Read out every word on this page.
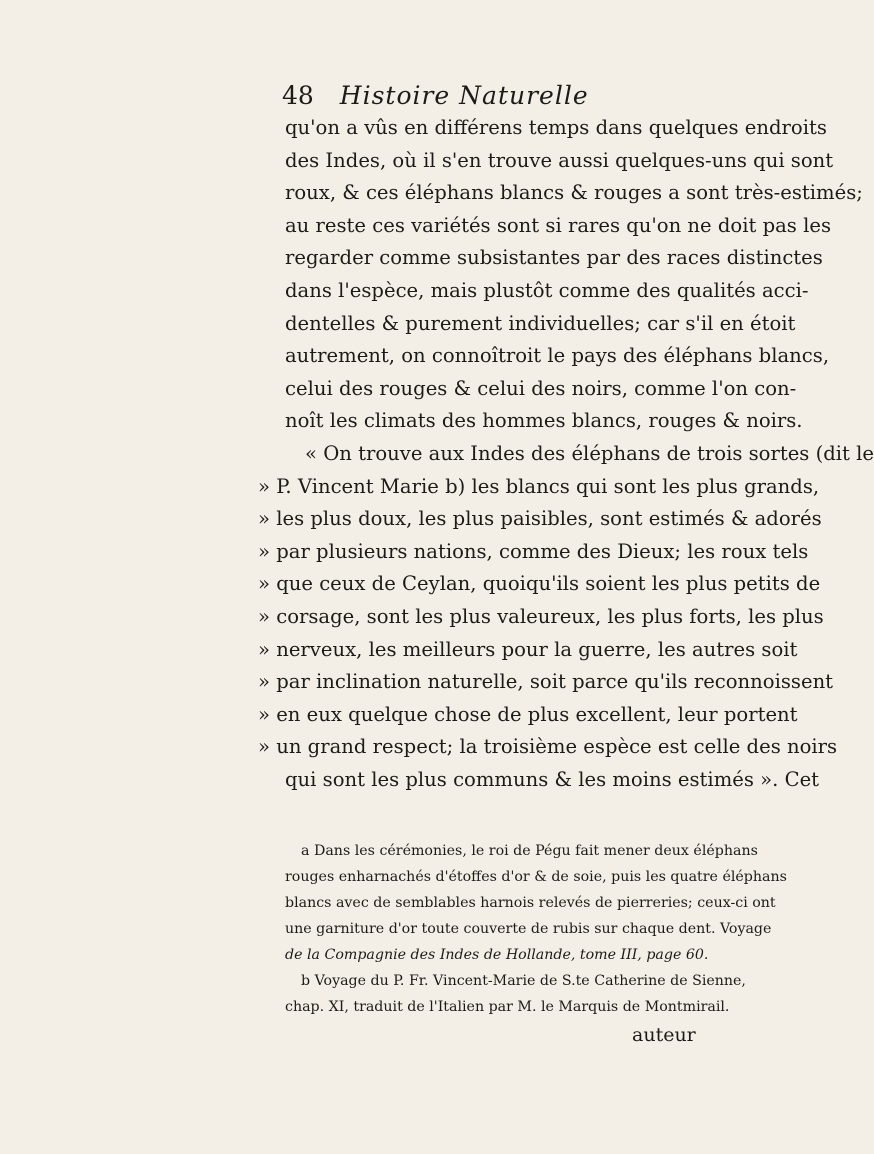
48 Histoire Naturelle
qu'on a vûs en différens temps dans quelques endroits
des Indes, où il s'en trouve aussi quelques-uns qui sont
roux, & ces éléphans blancs & rouges a sont très-estimés;
au reste ces variétés sont si rares qu'on ne doit pas les
regarder comme subsistantes par des races distinctes
dans l'espèce, mais plustôt comme des qualités acci-
dentelles & purement individuelles; car s'il en étoit
autrement, on connoîtroit le pays des éléphans blancs,
celui des rouges & celui des noirs, comme l'on con-
noît les climats des hommes blancs, rouges & noirs.
« On trouve aux Indes des éléphans de trois sortes (dit le
» P. Vincent Marie b) les blancs qui sont les plus grands,
» les plus doux, les plus paisibles, sont estimés & adorés
» par plusieurs nations, comme des Dieux; les roux tels
» que ceux de Ceylan, quoiqu'ils soient les plus petits de
» corsage, sont les plus valeureux, les plus forts, les plus
» nerveux, les meilleurs pour la guerre, les autres soit
» par inclination naturelle, soit parce qu'ils reconnoissent
» en eux quelque chose de plus excellent, leur portent
» un grand respect; la troisième espèce est celle des noirs
qui sont les plus communs & les moins estimés ». Cet
a Dans les cérémonies, le roi de Pégu fait mener deux éléphans
rouges enharnachés d'étoffes d'or & de soie, puis les quatre éléphans
blancs avec de semblables harnois relevés de pierreries; ceux-ci ont
une garniture d'or toute couverte de rubis sur chaque dent. Voyage
de la Compagnie des Indes de Hollande, tome III, page 60.
b Voyage du P. Fr. Vincent-Marie de S.te Catherine de Sienne,
chap. XI, traduit de l'Italien par M. le Marquis de Montmirail.
auteur
